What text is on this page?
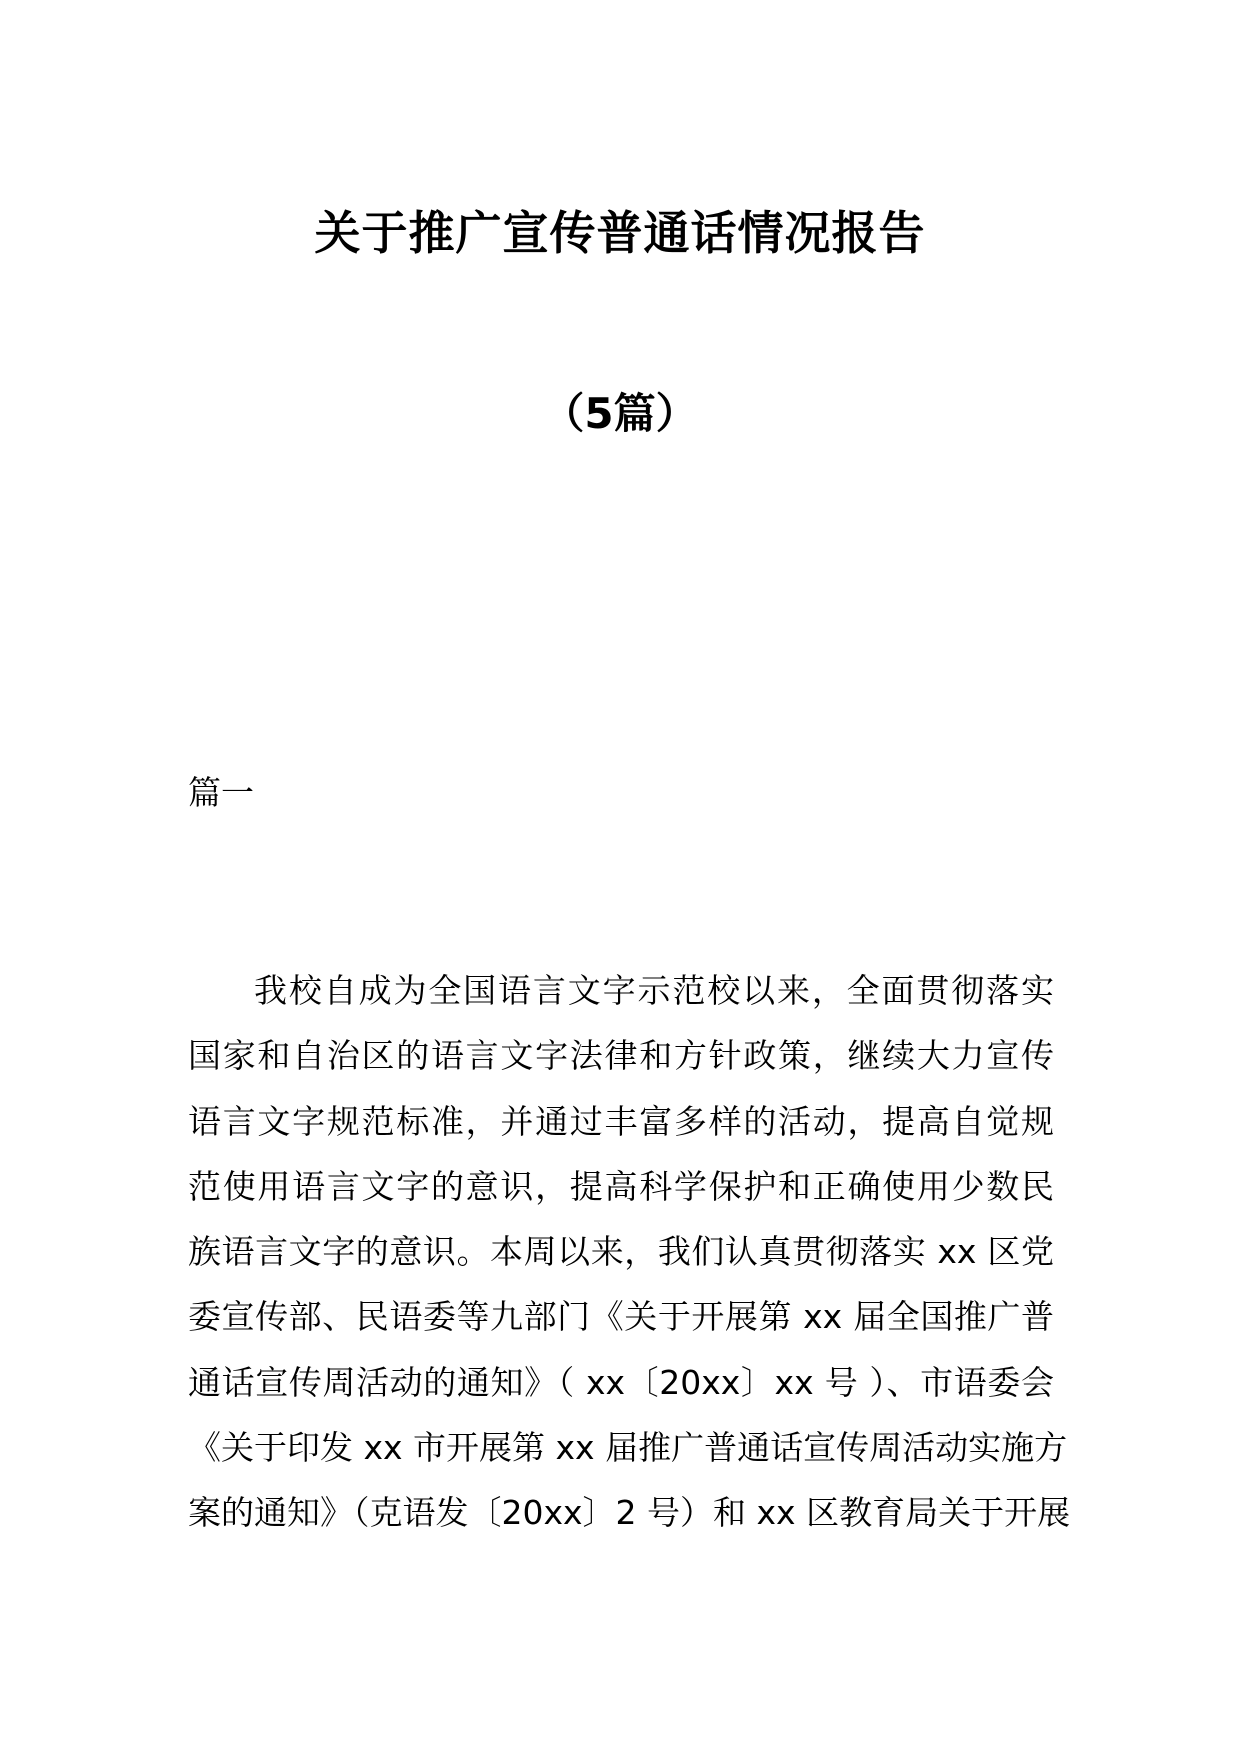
关于推广宣传普通话情况报告
（5篇）
篇一
我校自成为全国语言文字示范校以来，全面贯彻落实
国家和自治区的语言文字法律和方针政策，继续大力宣传
语言文字规范标准，并通过丰富多样的活动，提高自觉规
范使用语言文字的意识，提高科学保护和正确使用少数民
族语言文字的意识。本周以来，我们认真贯彻落实 xx 区党
委宣传部、民语委等九部门《关于开展第 xx 届全国推广普
通话宣传周活动的通知》（ xx〔20xx〕xx 号 ）、市语委会
《关于印发 xx 市开展第 xx 届推广普通话宣传周活动实施方
案的通知》（克语发〔20xx〕2 号）和 xx 区教育局关于开展
